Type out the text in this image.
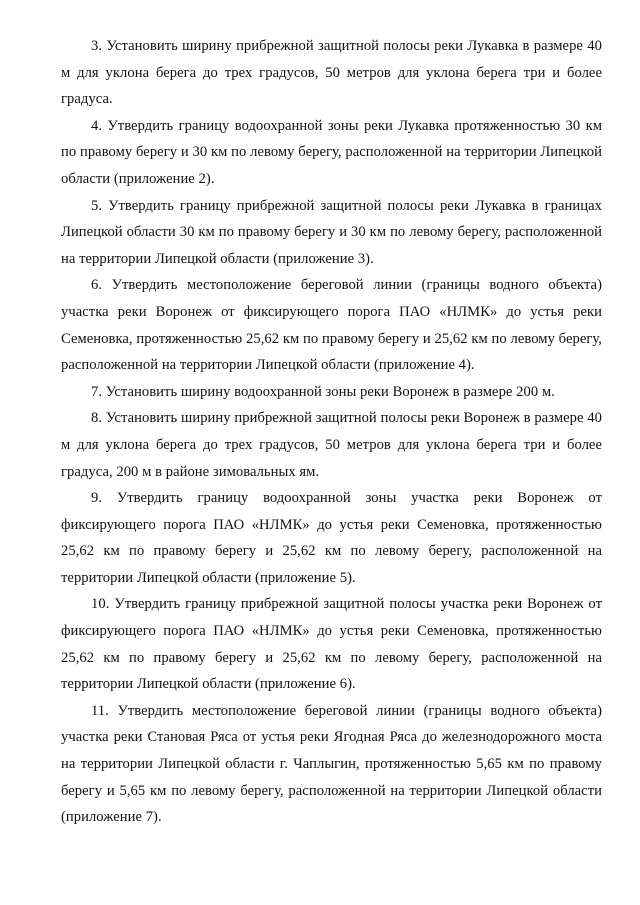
3. Установить ширину прибрежной защитной полосы реки Лукавка в размере 40 м для уклона берега до трех градусов, 50 метров для уклона берега три и более градуса.

4. Утвердить границу водоохранной зоны реки Лукавка протяженностью 30 км по правому берегу и 30 км по левому берегу, расположенной на территории Липецкой области (приложение 2).

5. Утвердить границу прибрежной защитной полосы реки Лукавка в границах Липецкой области 30 км по правому берегу и 30 км по левому берегу, расположенной на территории Липецкой области (приложение 3).

6. Утвердить местоположение береговой линии (границы водного объекта) участка реки Воронеж от фиксирующего порога ПАО «НЛМК» до устья реки Семеновка, протяженностью 25,62 км по правому берегу и 25,62 км по левому берегу, расположенной на территории Липецкой области (приложение 4).

7. Установить ширину водоохранной зоны реки Воронеж в размере 200 м.

8. Установить ширину прибрежной защитной полосы реки Воронеж в размере 40 м для уклона берега до трех градусов, 50 метров для уклона берега три и более градуса, 200 м в районе зимовальных ям.

9. Утвердить границу водоохранной зоны участка реки Воронеж от фиксирующего порога ПАО «НЛМК» до устья реки Семеновка, протяженностью 25,62 км по правому берегу и 25,62 км по левому берегу, расположенной на территории Липецкой области (приложение 5).

10. Утвердить границу прибрежной защитной полосы участка реки Воронеж от фиксирующего порога ПАО «НЛМК» до устья реки Семеновка, протяженностью 25,62 км по правому берегу и 25,62 км по левому берегу, расположенной на территории Липецкой области (приложение 6).

11. Утвердить местоположение береговой линии (границы водного объекта) участка реки Становая Ряса от устья реки Ягодная Ряса до железнодорожного моста на территории Липецкой области г. Чаплыгин, протяженностью 5,65 км по правому берегу и 5,65 км по левому берегу, расположенной на территории Липецкой области (приложение 7).
